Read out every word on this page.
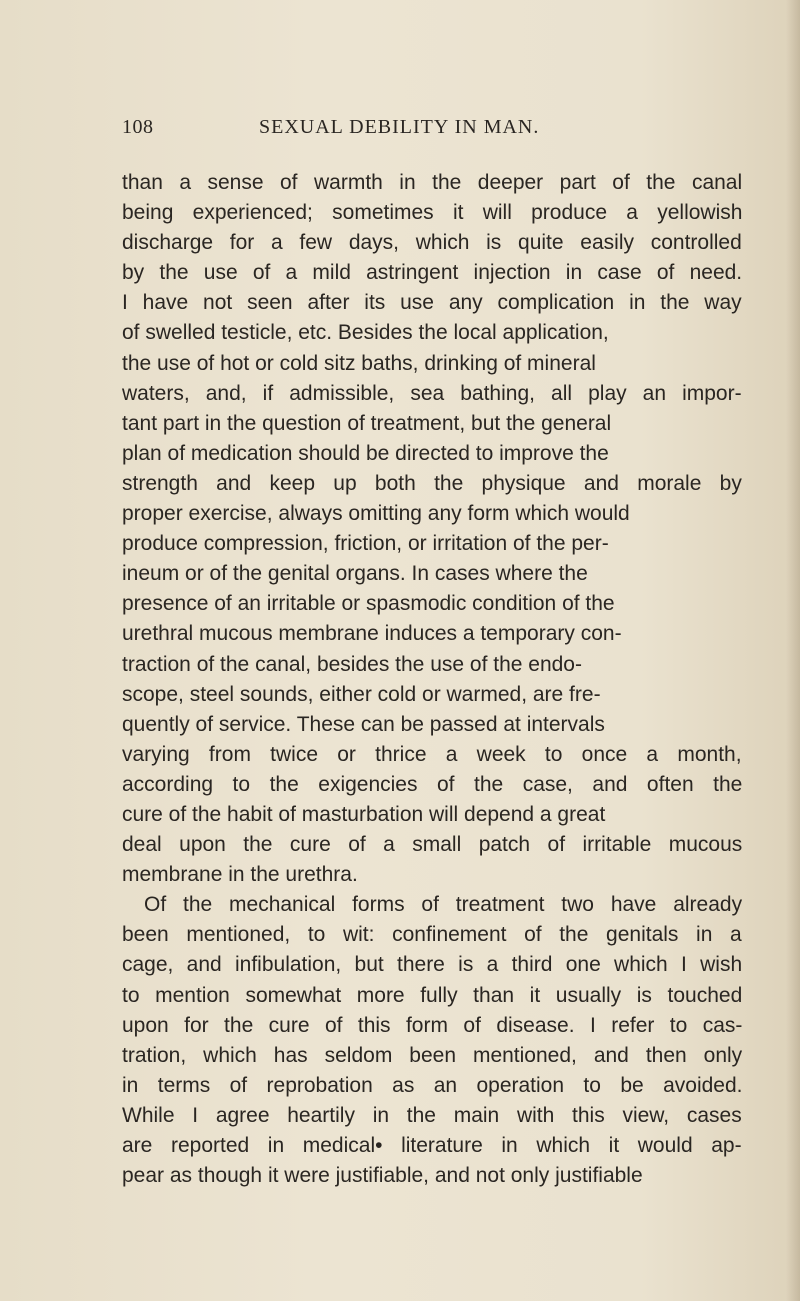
108	SEXUAL DEBILITY IN MAN.
than a sense of warmth in the deeper part of the canal
being experienced; sometimes it will produce a yellowish
discharge for a few days, which is quite easily controlled
by the use of a mild astringent injection in case of need.
I have not seen after its use any complication in the way
of swelled testicle, etc. Besides the local application,
the use of hot or cold sitz baths, drinking of mineral
waters, and, if admissible, sea bathing, all play an impor-
tant part in the question of treatment, but the general
plan of medication should be directed to improve the
strength and keep up both the physique and morale by
proper exercise, always omitting any form which would
produce compression, friction, or irritation of the per-
ineum or of the genital organs. In cases where the
presence of an irritable or spasmodic condition of the
urethral mucous membrane induces a temporary con-
traction of the canal, besides the use of the endo-
scope, steel sounds, either cold or warmed, are fre-
quently of service. These can be passed at intervals
varying from twice or thrice a week to once a month,
according to the exigencies of the case, and often the
cure of the habit of masturbation will depend a great
deal upon the cure of a small patch of irritable mucous
membrane in the urethra.
Of the mechanical forms of treatment two have already
been mentioned, to wit: confinement of the genitals in a
cage, and infibulation, but there is a third one which I wish
to mention somewhat more fully than it usually is touched
upon for the cure of this form of disease. I refer to cas-
tration, which has seldom been mentioned, and then only
in terms of reprobation as an operation to be avoided.
While I agree heartily in the main with this view, cases
are reported in medical• literature in which it would ap-
pear as though it were justifiable, and not only justifiable
